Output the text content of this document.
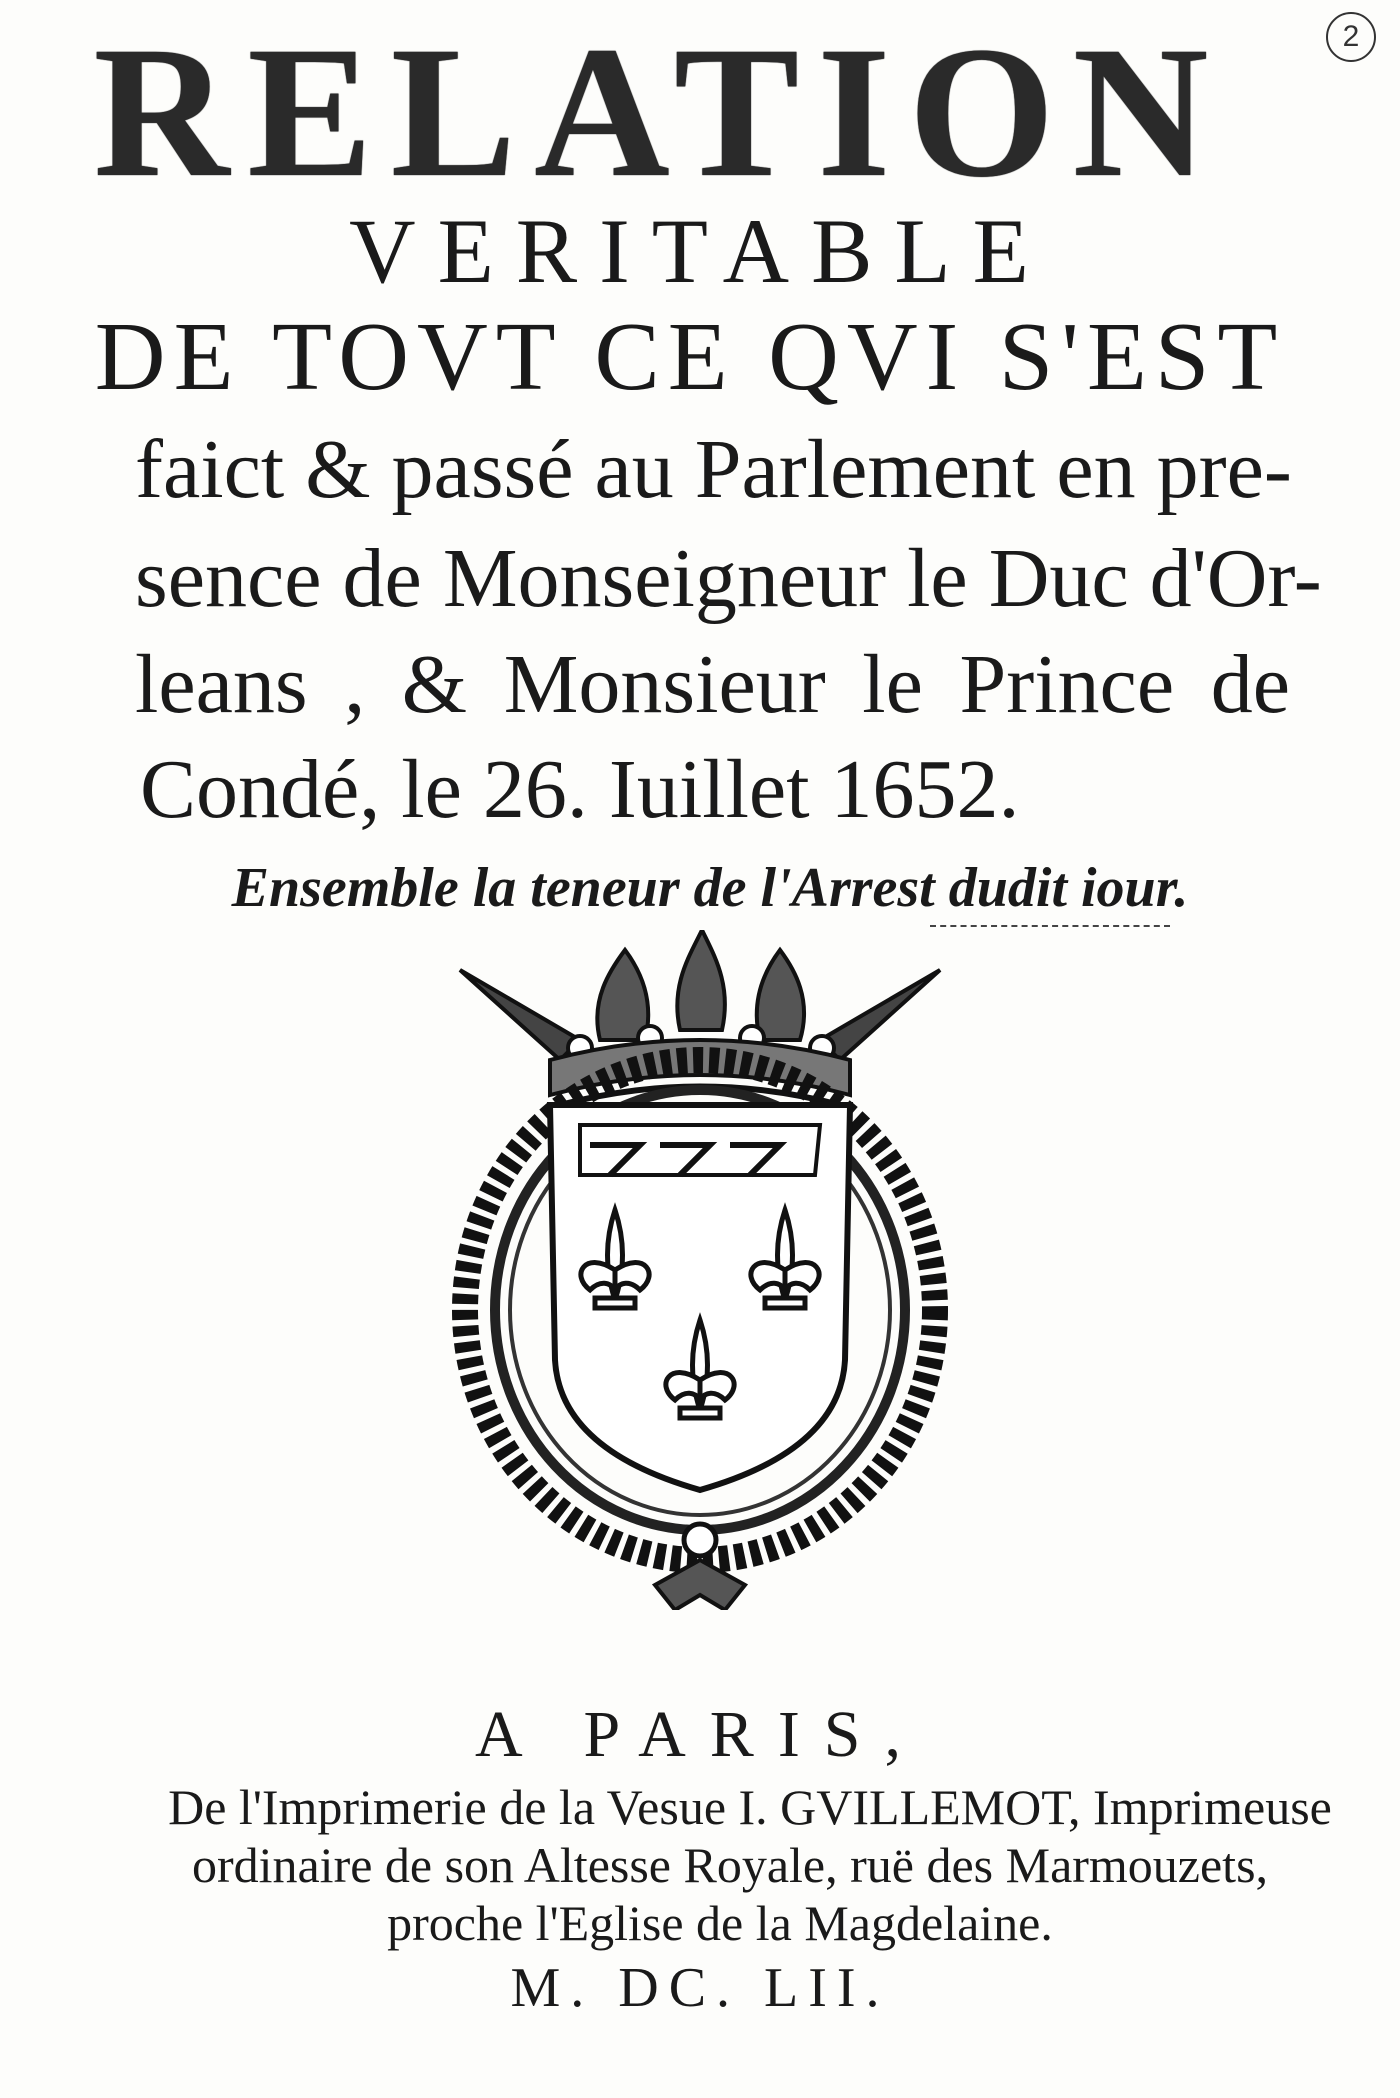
2
RELATION
VERITABLE
DE TOVT CE QVI S'EST
faict & passé au Parlement en pre-
sence de Monseigneur le Duc d'Or-
leans , & Monsieur le Prince de
Condé, le 26. Iuillet 1652.
Ensemble la teneur de l'Arrest dudit iour.
A PARIS,
De l'Imprimerie de la Vesue I. GVILLEMOT, Imprimeuse
ordinaire de son Altesse Royale, ruë des Marmouzets,
proche l'Eglise de la Magdelaine.
M. DC. LII.
